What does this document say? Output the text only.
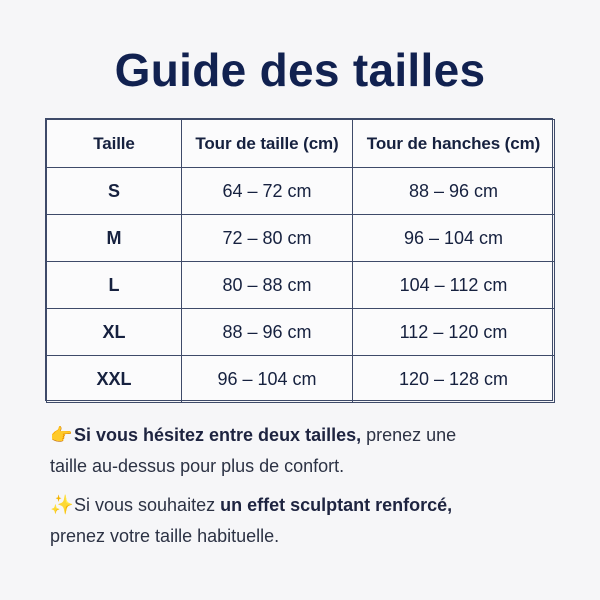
Guide des tailles
Taille	Tour de taille (cm)	Tour de hanches (cm)
S	64 – 72 cm	88 – 96 cm
M	72 – 80 cm	96 – 104 cm
L	80 – 88 cm	104 – 112 cm
XL	88 – 96 cm	112 – 120 cm
XXL	96 – 104 cm	120 – 128 cm
👉Si vous hésitez entre deux tailles, prenez une
taille au-dessus pour plus de confort.
✨Si vous souhaitez un effet sculptant renforcé,
prenez votre taille habituelle.
